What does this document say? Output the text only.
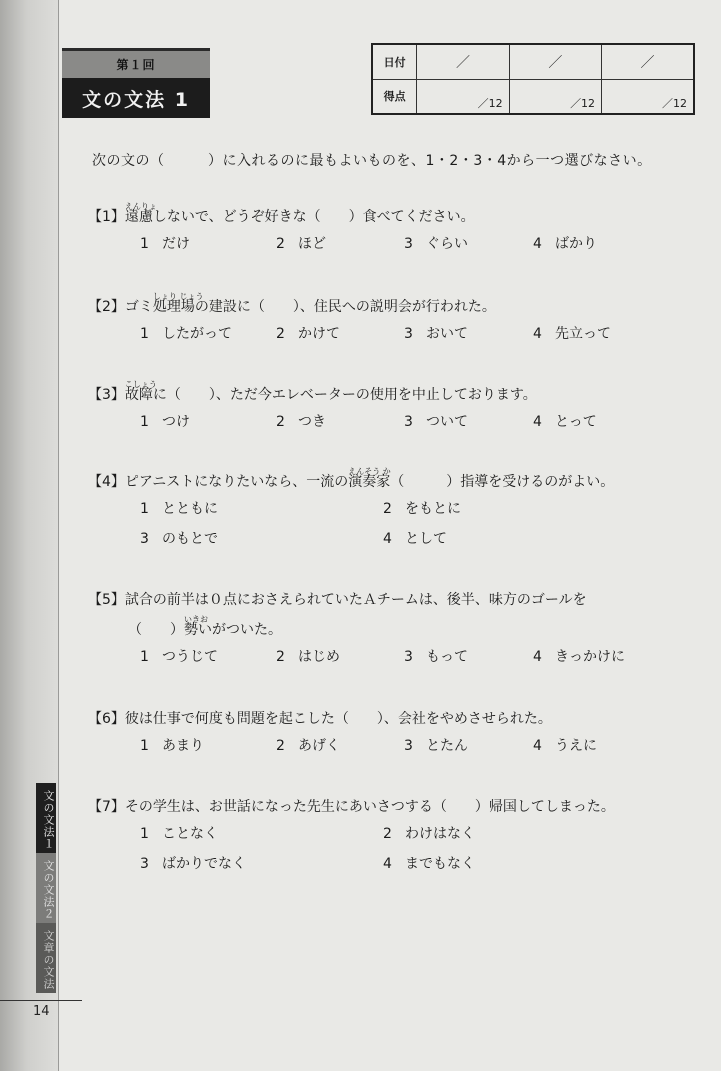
第１回
文の文法 1
日付	／	／	／
得点	／12	／12	／12
次の文の（　　　）に入れるのに最もよいものを、1・2・3・4から一つ選びなさい。
【1】
えんりょ
遠慮しないで、どうぞ好きな（　　）食べてください。
1 だけ	2 ほど	3 ぐらい	4 ばかり
【2】ゴミ
しょり じょう
処理場の建設に（　　）、住民への説明会が行われた。
1 したがって	2 かけて	3 おいて	4 先立って
【3】
こしょう
故障に（　　）、ただ今エレベーターの使用を中止しております。
1 つけ	2 つき	3 ついて	4 とって
【4】ピアニストになりたいなら、一流の
えんそう か
演奏家（　　　）指導を受けるのがよい。
1 とともに	2 をもとに
3 のもとで	4 として
【5】試合の前半は０点におさえられていたＡチームは、後半、味方のゴールを
（　　）
いきお
勢いがついた。
1 つうじて	2 はじめ	3 もって	4 きっかけに
【6】彼は仕事で何度も問題を起こした（　　）、会社をやめさせられた。
1 あまり	2 あげく	3 とたん	4 うえに
【7】その学生は、お世話になった先生にあいさつする（　　）帰国してしまった。
1 ことなく	2 わけはなく
3 ばかりでなく	4 までもなく
文の文法１
文の文法２
文章の文法
14
